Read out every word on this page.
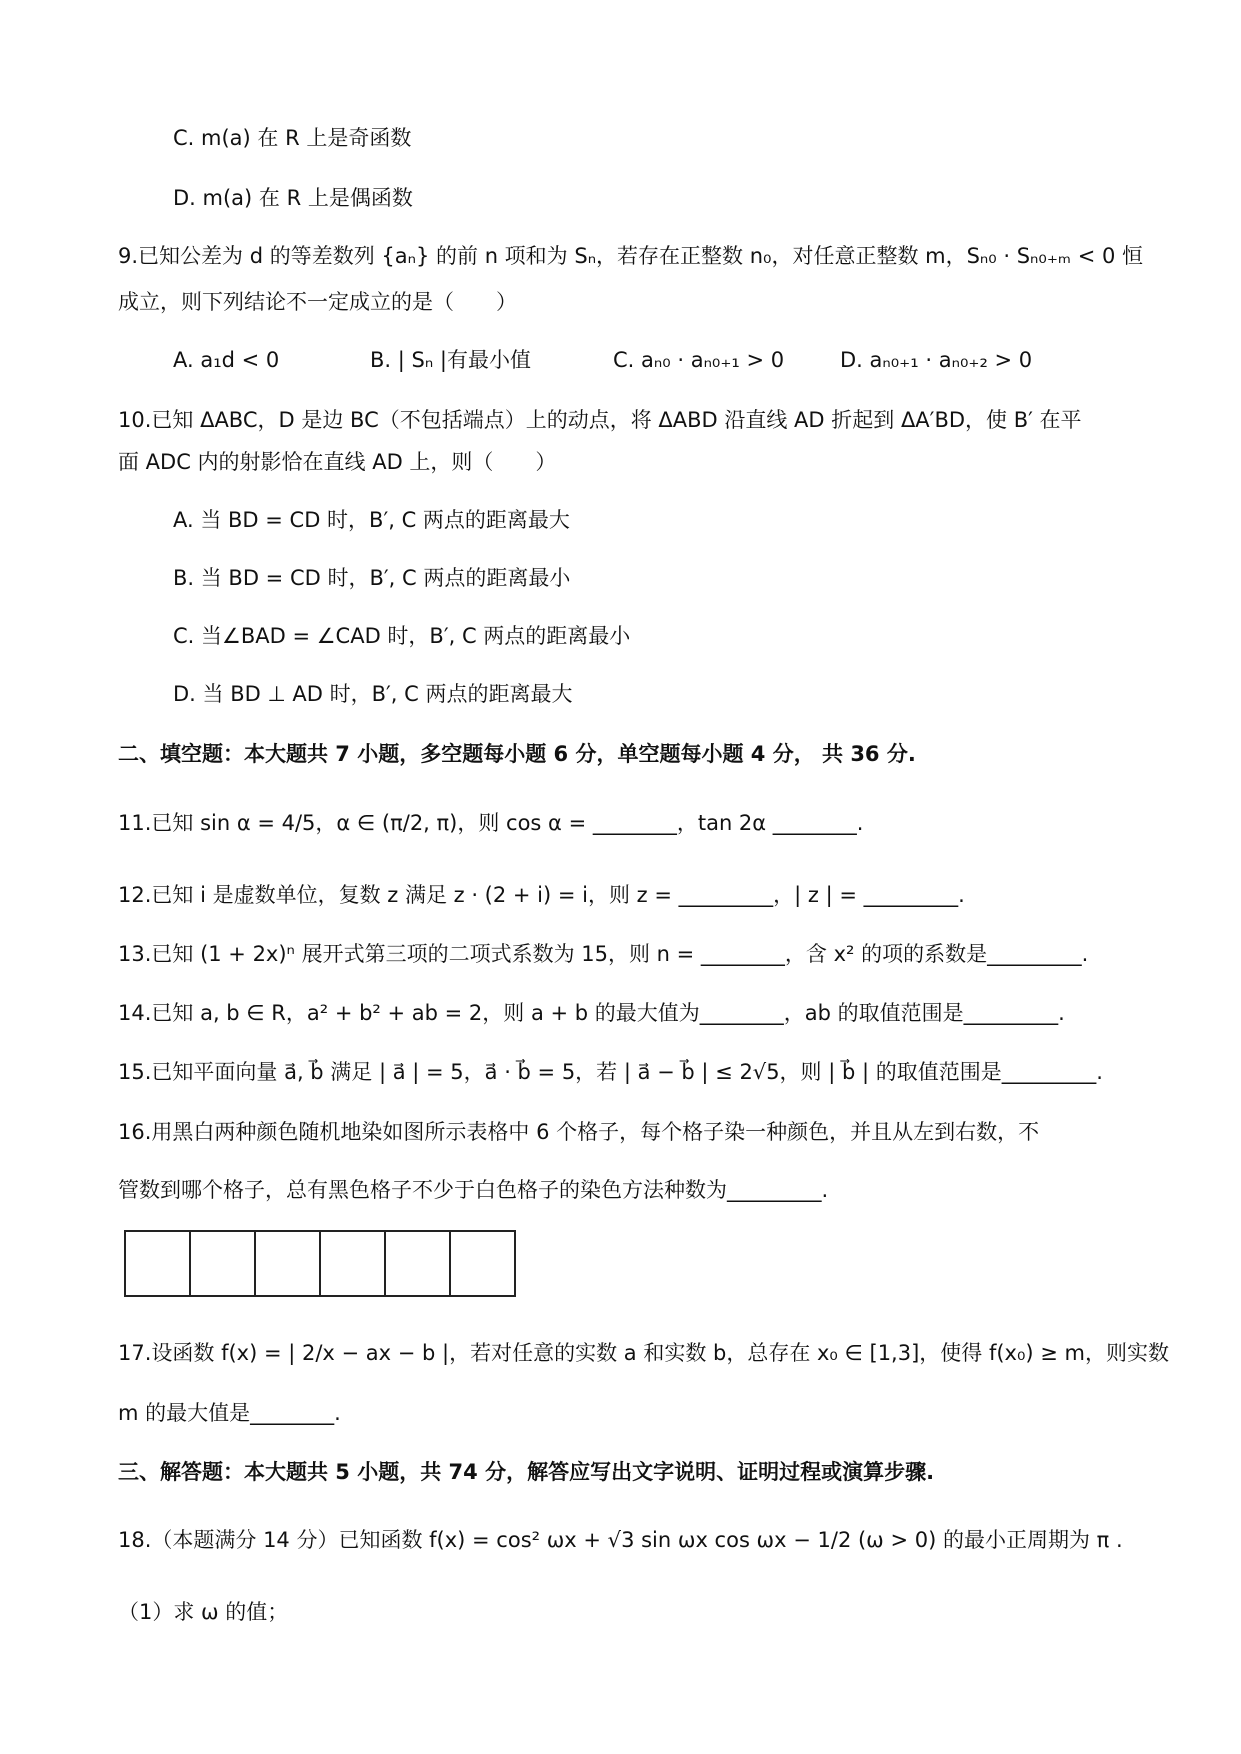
C. m(a) 在 R 上是奇函数
D. m(a) 在 R 上是偶函数
9.已知公差为 d 的等差数列 {aₙ} 的前 n 项和为 Sₙ，若存在正整数 n₀，对任意正整数 m，Sₙ₀ · Sₙ₀₊ₘ < 0 恒
成立，则下列结论不一定成立的是（　　）
A. a₁d < 0	B. | Sₙ |有最小值	C. aₙ₀ · aₙ₀₊₁ > 0	D. aₙ₀₊₁ · aₙ₀₊₂ > 0
10.已知 ΔABC，D 是边 BC（不包括端点）上的动点，将 ΔABD 沿直线 AD 折起到 ΔA′BD，使 B′ 在平
面 ADC 内的射影恰在直线 AD 上，则（　　）
A. 当 BD = CD 时，B′, C 两点的距离最大
B. 当 BD = CD 时，B′, C 两点的距离最小
C. 当∠BAD = ∠CAD 时，B′, C 两点的距离最小
D. 当 BD ⊥ AD 时，B′, C 两点的距离最大
二、填空题：本大题共 7 小题，多空题每小题 6 分，单空题每小题 4 分， 共 36 分.
11.已知 sin α = 4/5，α ∈ (π/2, π)，则 cos α = ________，tan 2α ________.
12.已知 i 是虚数单位，复数 z 满足 z · (2 + i) = i，则 z = _________，| z | = _________.
13.已知 (1 + 2x)ⁿ 展开式第三项的二项式系数为 15，则 n = ________，含 x² 的项的系数是_________.
14.已知 a, b ∈ R，a² + b² + ab = 2，则 a + b 的最大值为________，ab 的取值范围是_________.
15.已知平面向量 a⃗, b⃗ 满足 | a⃗ | = 5，a⃗ · b⃗ = 5，若 | a⃗ − b⃗ | ≤ 2√5，则 | b⃗ | 的取值范围是_________.
16.用黑白两种颜色随机地染如图所示表格中 6 个格子，每个格子染一种颜色，并且从左到右数，不
管数到哪个格子，总有黑色格子不少于白色格子的染色方法种数为_________.
17.设函数 f(x) = | 2/x − ax − b |，若对任意的实数 a 和实数 b，总存在 x₀ ∈ [1,3]，使得 f(x₀) ≥ m，则实数
m 的最大值是________.
三、解答题：本大题共 5 小题，共 74 分，解答应写出文字说明、证明过程或演算步骤.
18.（本题满分 14 分）已知函数 f(x) = cos² ωx + √3 sin ωx cos ωx − 1/2 (ω > 0) 的最小正周期为 π .
（1）求 ω 的值；
